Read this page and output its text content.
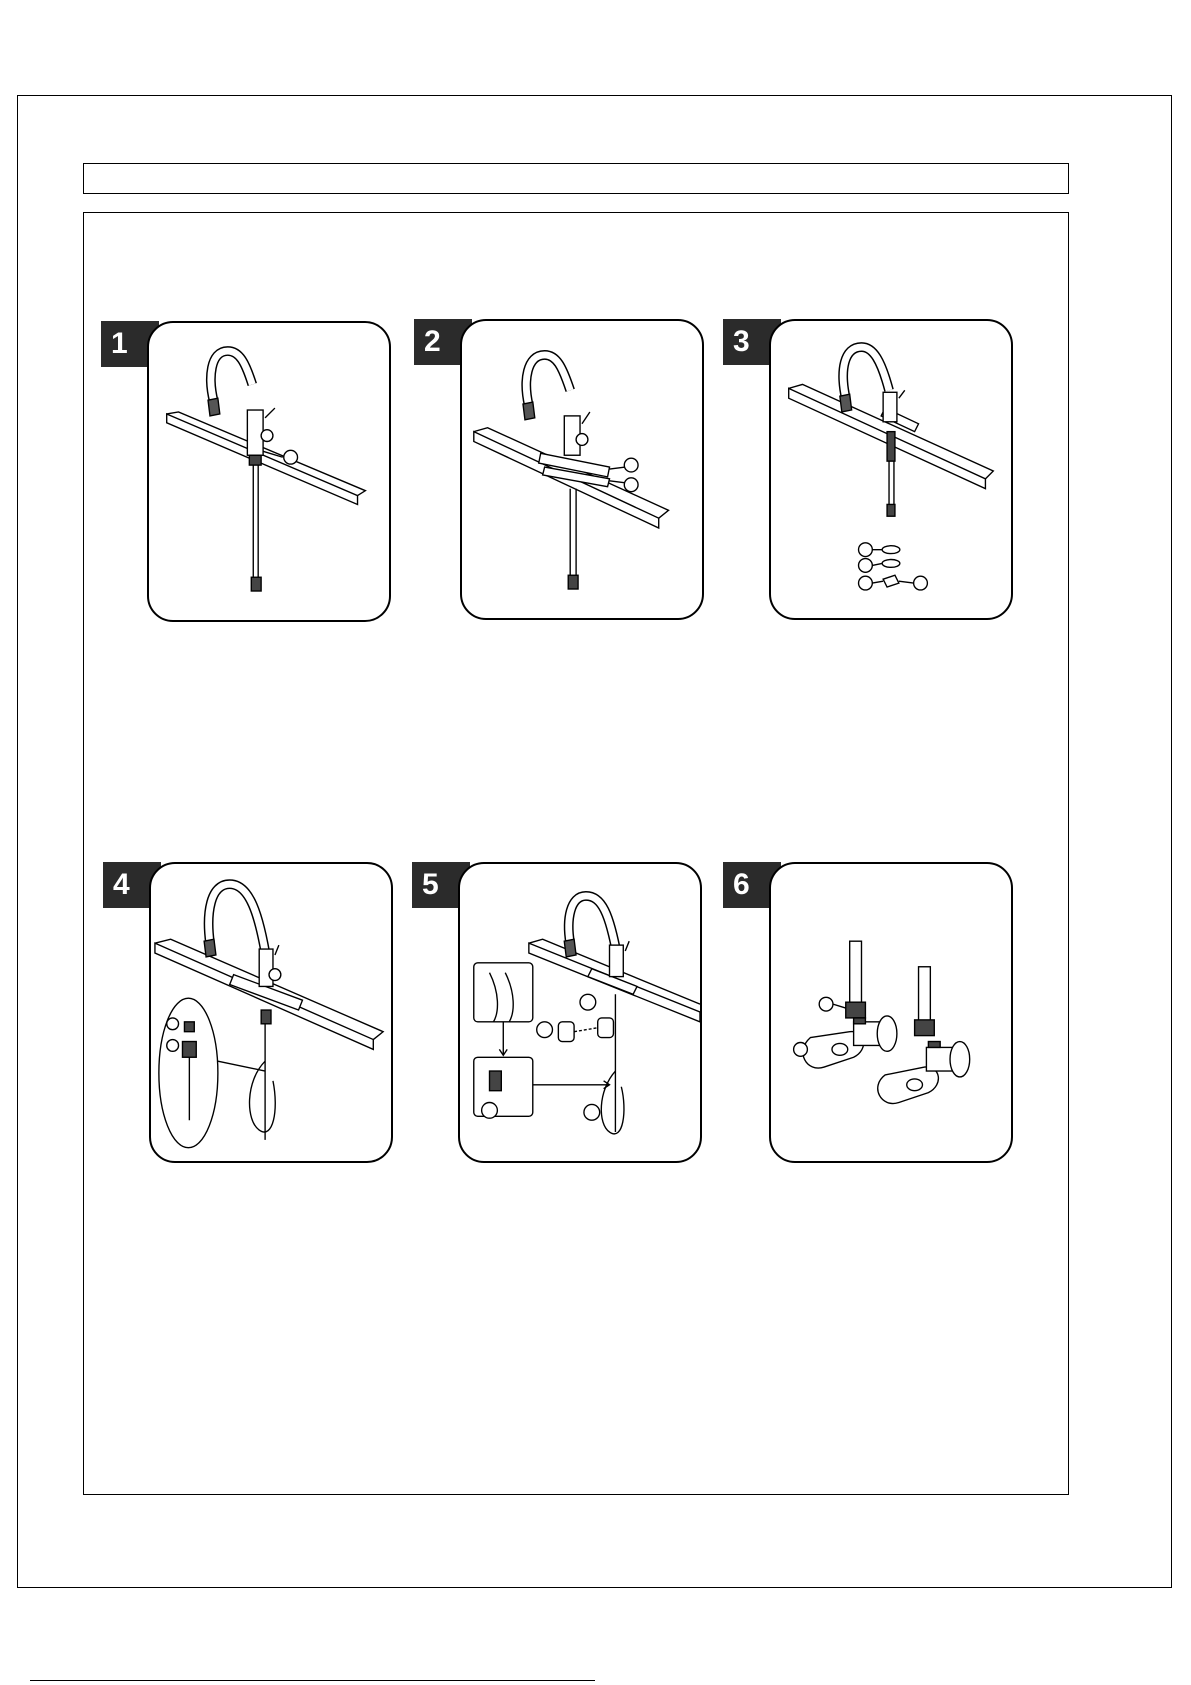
1	2	3
4	5	6
